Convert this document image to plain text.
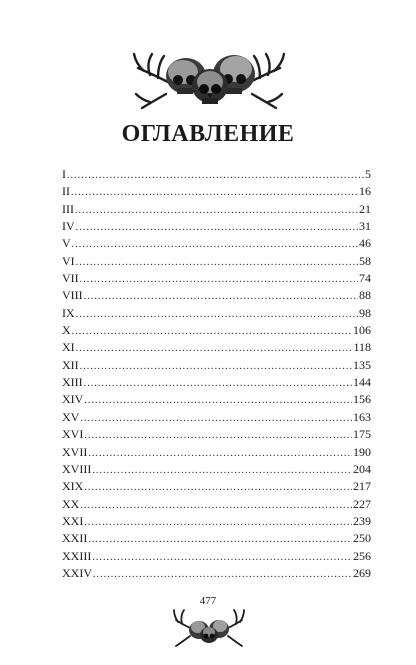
ОГЛАВЛЕНИЕ
I .....	5
II .....	16
III .....	21
IV .....	31
V .....	46
VI .....	58
VII .....	74
VIII .....	88
IX .....	98
X .....	106
XI .....	118
XII .....	135
XIII .....	144
XIV .....	156
XV .....	163
XVI .....	175
XVII .....	190
XVIII .....	204
XIX .....	217
XX .....	227
XXI .....	239
XXII .....	250
XXIII .....	256
XXIV .....	269

477
